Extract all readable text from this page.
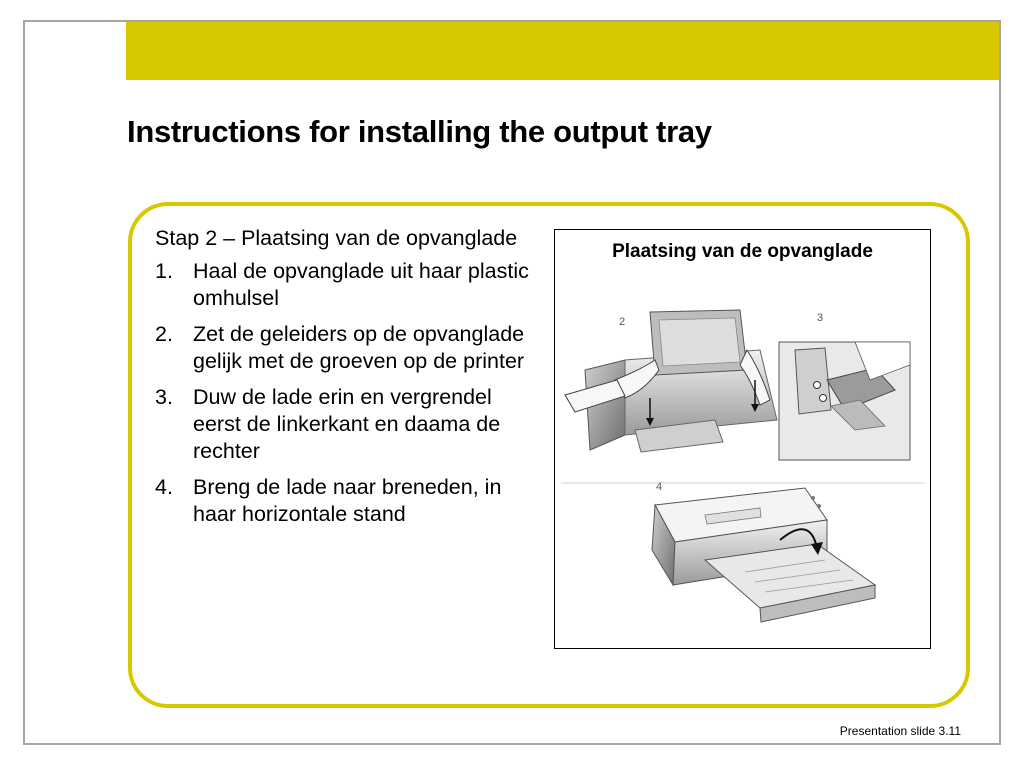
Instructions for installing the output tray

Stap 2 – Plaatsing van de opvanglade

1. Haal de opvanglade uit haar plastic omhulsel
2. Zet de geleiders op de opvanglade gelijk met de groeven op de printer
3. Duw de lade erin en vergrendel eerst de linkerkant en daama de rechter
4. Breng de lade naar breneden, in haar horizontale stand
Plaatsing van de opvanglade
2	3
4
Presentation slide 3.11
